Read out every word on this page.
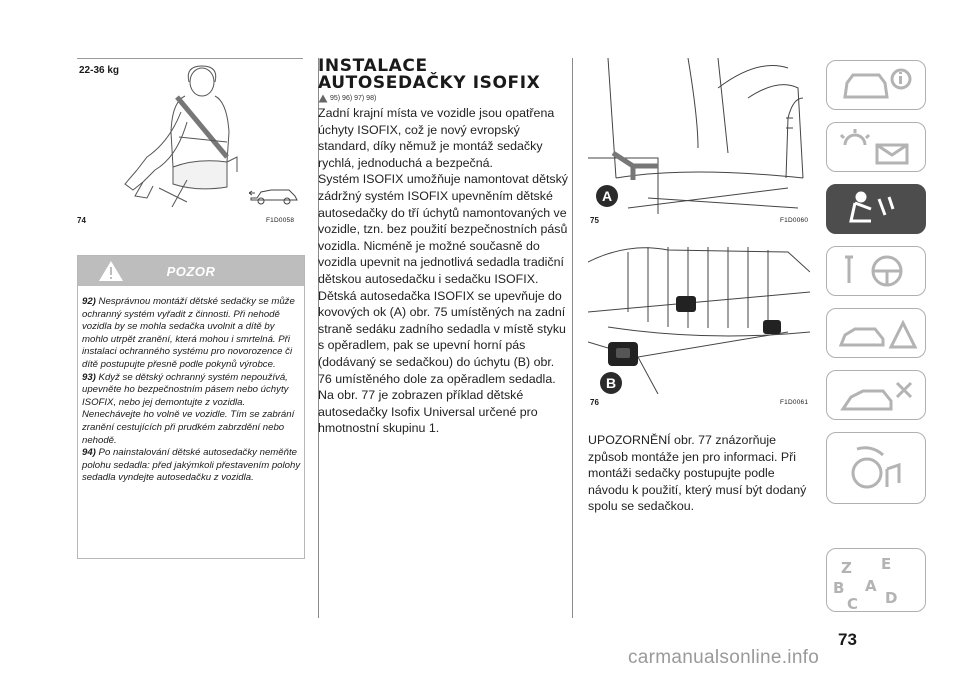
22-36 kg
74	F1D0058
POZOR

92) Nesprávnou montáží dětské sedačky se může ochranný systém vyřadit z činnosti. Při nehodě vozidla by se mohla sedačka uvolnit a dítě by mohlo utrpět zranění, která mohou i smrtelná. Při instalaci ochranného systému pro novorozence či dítě postupujte přesně podle pokynů výrobce.

93) Když se dětský ochranný systém nepoužívá, upevněte ho bezpečnostním pásem nebo úchyty ISOFIX, nebo jej demontujte z vozidla. Nenechávejte ho volně ve vozidle. Tím se zabrání zranění cestujících při prudkém zabrzdění nebo nehodě.

94) Po nainstalování dětské autosedačky neměňte polohu sedadla: před jakýmkoli přestavením polohy sedadla vyndejte autosedačku z vozidla.

INSTALACE
AUTOSEDAČKY ISOFIX
95) 96) 97) 98)

Zadní krajní místa ve vozidle jsou opatřena úchyty ISOFIX, což je nový evropský standard, díky němuž je montáž sedačky rychlá, jednoduchá a bezpečná.

Systém ISOFIX umožňuje namontovat dětský zádržný systém ISOFIX upevněním dětské autosedačky do tří úchytů namontovaných ve vozidle, tzn. bez použití bezpečnostních pásů vozidla. Nicméně je možné současně do vozidla upevnit na jednotlivá sedadla tradiční dětskou autosedačku i sedačku ISOFIX. Dětská autosedačka ISOFIX se upevňuje do kovových ok (A) obr. 75 umístěných na zadní straně sedáku zadního sedadla v místě styku s opěradlem, pak se upevní horní pás (dodávaný se sedačkou) do úchytu (B) obr. 76 umístěného dole za opěradlem sedadla.

Na obr. 77 je zobrazen příklad dětské autosedačky Isofix Universal určené pro hmotnostní skupinu 1.

A
75	F1D0060
B
76	F1D0061

UPOZORNĚNÍ obr. 77 znázorňuje způsob montáže jen pro informaci. Při montáži sedačky postupujte podle návodu k použití, který musí být dodaný spolu se sedačkou.

Z E
B A
C D
73
carmanualsonline.info
